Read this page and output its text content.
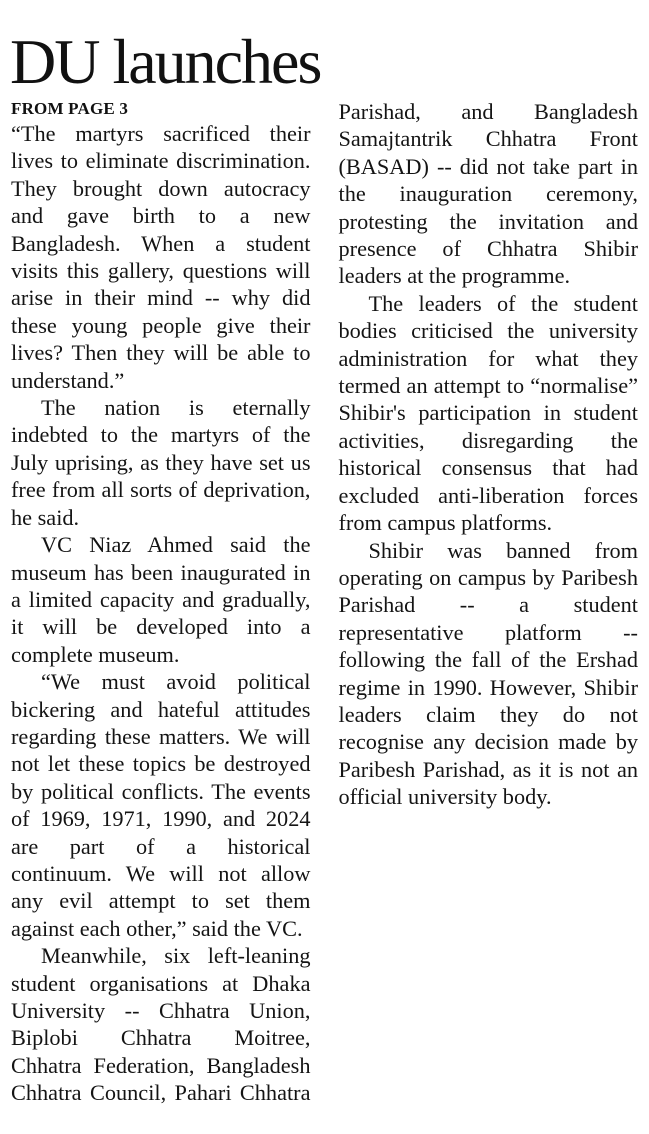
DU launches
FROM PAGE 3

“The martyrs sacrificed their lives to eliminate discrimination. They brought down autocracy and gave birth to a new Bangladesh. When a student visits this gallery, questions will arise in their mind -- why did these young people give their lives? Then they will be able to understand.”

The nation is eternally indebted to the martyrs of the July uprising, as they have set us free from all sorts of deprivation, he said.

VC Niaz Ahmed said the museum has been inaugurated in a limited capacity and gradually, it will be developed into a complete museum.

“We must avoid political bickering and hateful attitudes regarding these matters. We will not let these topics be destroyed by political conflicts. The events of 1969, 1971, 1990, and 2024 are part of a historical continuum. We will not allow any evil attempt to set them against each other,” said the VC.

Meanwhile, six left-leaning student organisations at Dhaka University -- Chhatra Union, Biplobi Chhatra Moitree, Chhatra Federation, Bangladesh Chhatra Council, Pahari Chhatra Parishad, and Bangladesh Samajtantrik Chhatra Front (BASAD) -- did not take part in the inauguration ceremony, protesting the invitation and presence of Chhatra Shibir leaders at the programme.

The leaders of the student bodies criticised the university administration for what they termed an attempt to “normalise” Shibir's participation in student activities, disregarding the historical consensus that had excluded anti-liberation forces from campus platforms.

Shibir was banned from operating on campus by Paribesh Parishad -- a student representative platform -- following the fall of the Ershad regime in 1990. However, Shibir leaders claim they do not recognise any decision made by Paribesh Parishad, as it is not an official university body.
